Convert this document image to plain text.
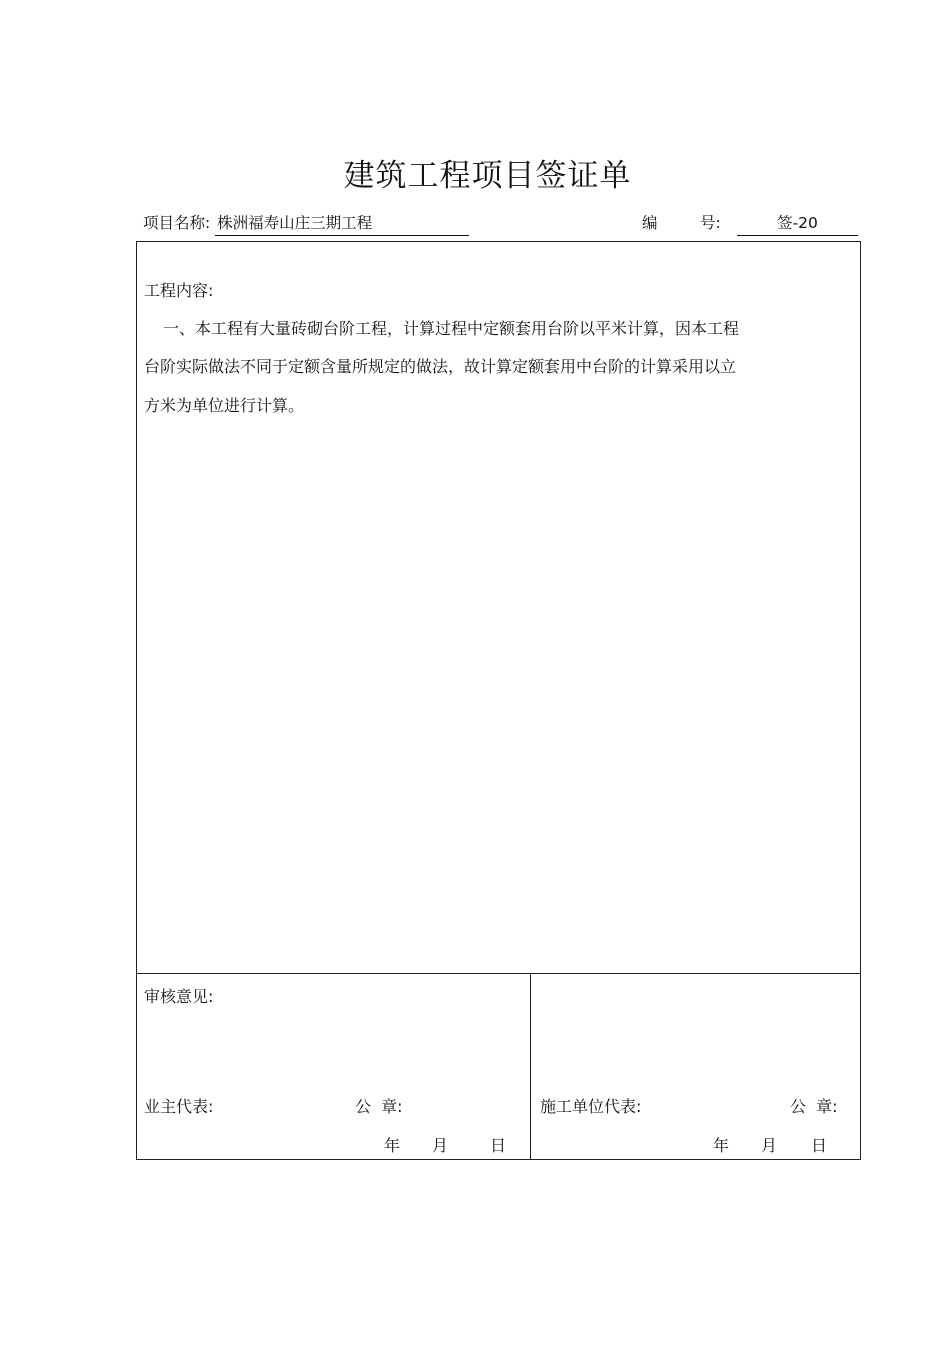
建筑工程项目签证单
项目名称: 株洲福寿山庄三期工程	编	号:	签-20
工程内容:
一、本工程有大量砖砌台阶工程，计算过程中定额套用台阶以平米计算，因本工程
台阶实际做法不同于定额含量所规定的做法，故计算定额套用中台阶的计算采用以立
方米为单位进行计算。
审核意见:
业主代表:	公  章:
年 月	日
施工单位代表:	公  章:
年 月 日
